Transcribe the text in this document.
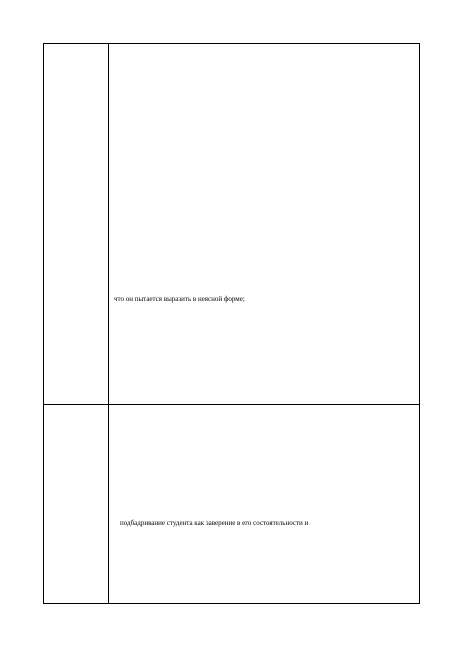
что он пытается выразить в неясной форме;
подбадривание студента как заверение в его состоятельности и
